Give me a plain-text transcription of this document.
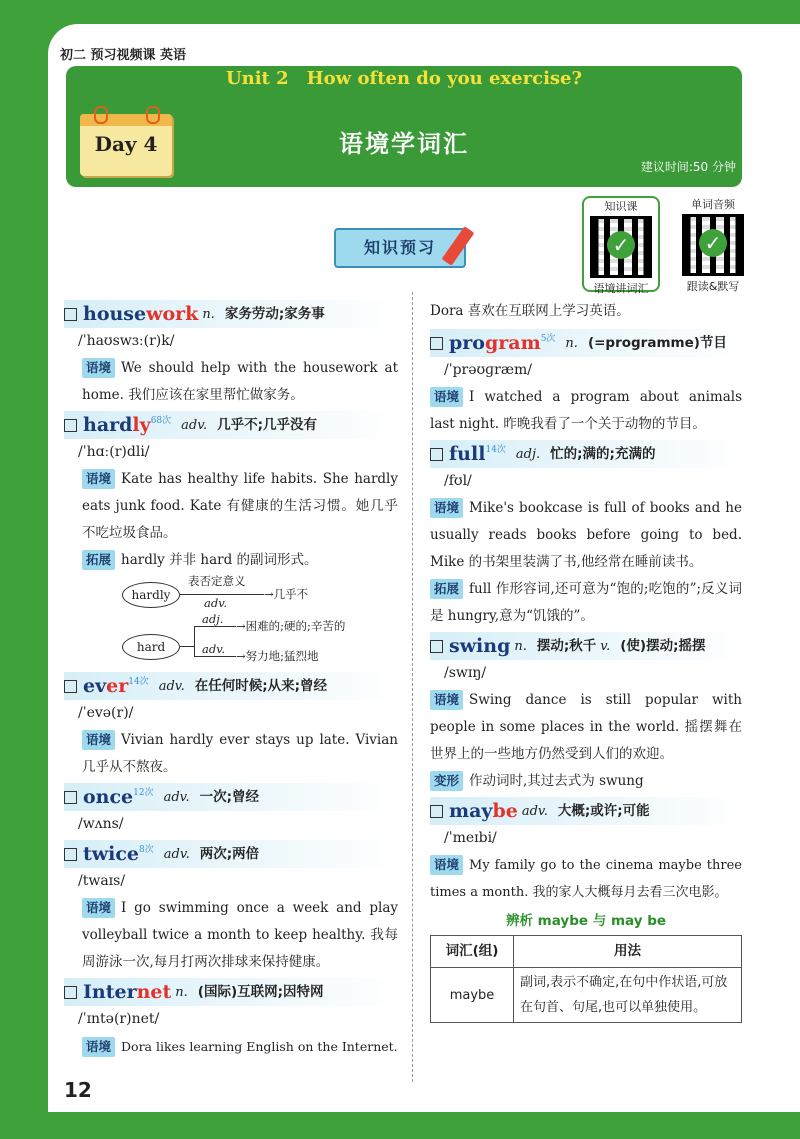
初二 预习视频课 英语
Unit 2　How often do you exercise?
Day 4	语境学词汇
建议时间:50 分钟
知识课
✓
语境讲词汇
单词音频
✓
跟读&默写
知识预习
housework n. 家务劳动;家务事
/ˈhaʊswɜː(r)k/
语境 We should help with the housework at home. 我们应该在家里帮忙做家务。
hardly 68次 adv. 几乎不;几乎没有
/ˈhɑː(r)dli/
语境 Kate has healthy life habits. She hardly eats junk food. Kate 有健康的生活习惯。她几乎不吃垃圾食品。
拓展 hardly 并非 hard 的副词形式。
hardly
表否定意义
→几乎不
adv.
hard
adj. →困难的;硬的;辛苦的
adv. →努力地;猛烈地
ever 14次 adv. 在任何时候;从来;曾经
/ˈevə(r)/
语境 Vivian hardly ever stays up late. Vivian 几乎从不熬夜。
once 12次 adv. 一次;曾经
/wʌns/
twice 8次 adv. 两次;两倍
/twaɪs/
语境 I go swimming once a week and play volleyball twice a month to keep healthy. 我每周游泳一次,每月打两次排球来保持健康。
Internet n. (国际)互联网;因特网
/ˈɪntə(r)net/
语境 Dora likes learning English on the Internet.
Dora 喜欢在互联网上学习英语。
program 5次 n. (=programme)节目
/ˈprəʊɡræm/
语境 I watched a program about animals last night. 昨晚我看了一个关于动物的节目。
full 14次 adj. 忙的;满的;充满的
/fʊl/
语境 Mike's bookcase is full of books and he usually reads books before going to bed. Mike 的书架里装满了书,他经常在睡前读书。
拓展 full 作形容词,还可意为“饱的;吃饱的”;反义词是 hungry,意为“饥饿的”。
swing n. 摆动;秋千 v. (使)摆动;摇摆
/swɪŋ/
语境 Swing dance is still popular with people in some places in the world. 摇摆舞在世界上的一些地方仍然受到人们的欢迎。
变形 作动词时,其过去式为 swung
maybe adv. 大概;或许;可能
/ˈmeɪbi/
语境 My family go to the cinema maybe three times a month. 我的家人大概每月去看三次电影。
辨析 maybe 与 may be
词汇(组)	用法
maybe	副词,表示不确定,在句中作状语,可放在句首、句尾,也可以单独使用。
12
